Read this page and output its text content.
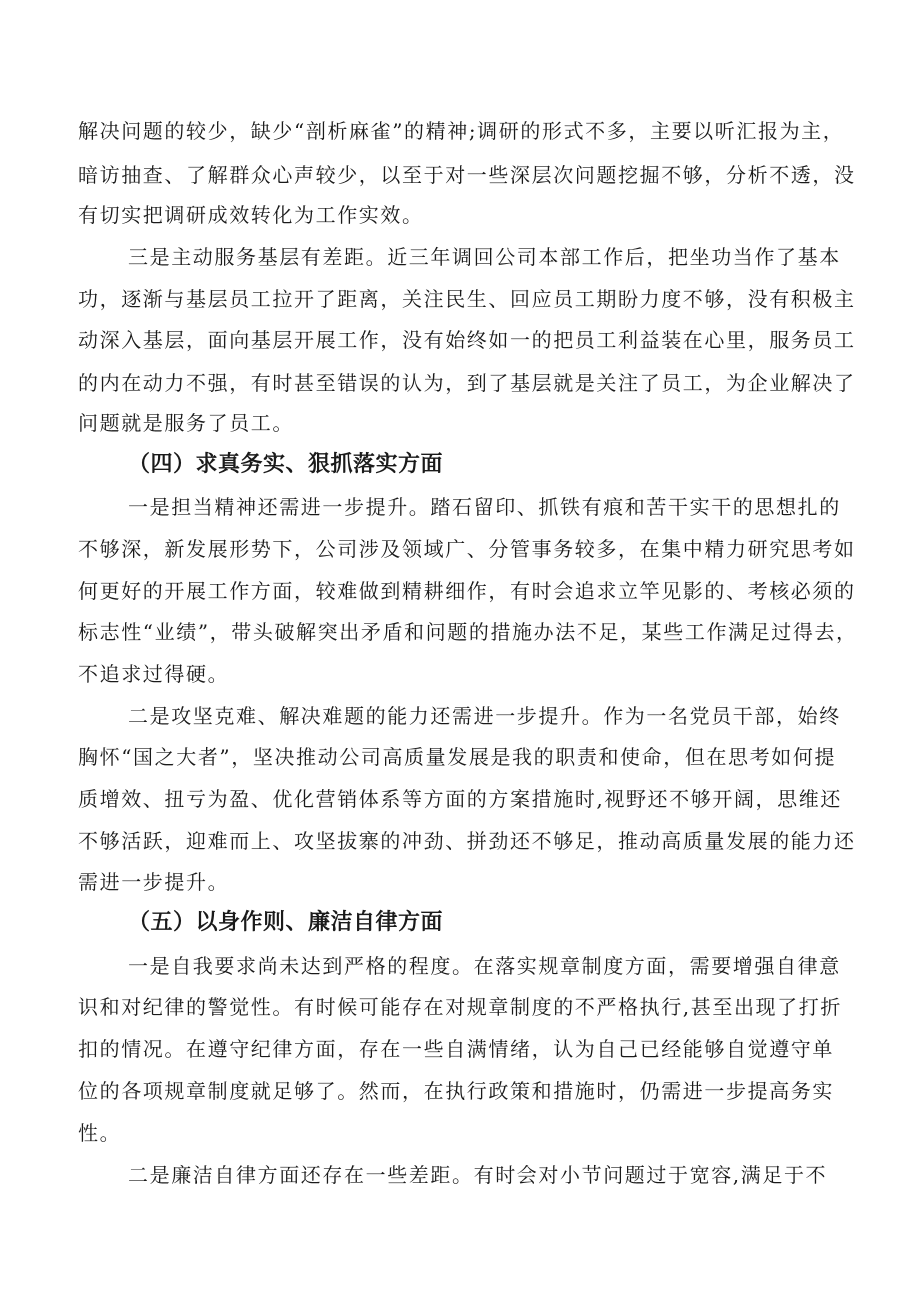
解决问题的较少，缺少“剖析麻雀”的精神;调研的形式不多，主要以听汇报为主，

暗访抽查、了解群众心声较少，以至于对一些深层次问题挖掘不够，分析不透，没

有切实把调研成效转化为工作实效。

三是主动服务基层有差距。近三年调回公司本部工作后，把坐功当作了基本

功，逐渐与基层员工拉开了距离，关注民生、回应员工期盼力度不够，没有积极主

动深入基层，面向基层开展工作，没有始终如一的把员工利益装在心里，服务员工

的内在动力不强，有时甚至错误的认为，到了基层就是关注了员工，为企业解决了

问题就是服务了员工。

（四）求真务实、狠抓落实方面

一是担当精神还需进一步提升。踏石留印、抓铁有痕和苦干实干的思想扎的

不够深，新发展形势下，公司涉及领域广、分管事务较多，在集中精力研究思考如

何更好的开展工作方面，较难做到精耕细作，有时会追求立竿见影的、考核必须的

标志性“业绩”，带头破解突出矛盾和问题的措施办法不足，某些工作满足过得去，

不追求过得硬。

二是攻坚克难、解决难题的能力还需进一步提升。作为一名党员干部，始终

胸怀“国之大者”，坚决推动公司高质量发展是我的职责和使命，但在思考如何提

质增效、扭亏为盈、优化营销体系等方面的方案措施时,视野还不够开阔，思维还

不够活跃，迎难而上、攻坚拔寨的冲劲、拼劲还不够足，推动高质量发展的能力还

需进一步提升。

（五）以身作则、廉洁自律方面

一是自我要求尚未达到严格的程度。在落实规章制度方面，需要增强自律意

识和对纪律的警觉性。有时候可能存在对规章制度的不严格执行,甚至出现了打折

扣的情况。在遵守纪律方面，存在一些自满情绪，认为自己已经能够自觉遵守单

位的各项规章制度就足够了。然而，在执行政策和措施时，仍需进一步提高务实

性。

二是廉洁自律方面还存在一些差距。有时会对小节问题过于宽容,满足于不
